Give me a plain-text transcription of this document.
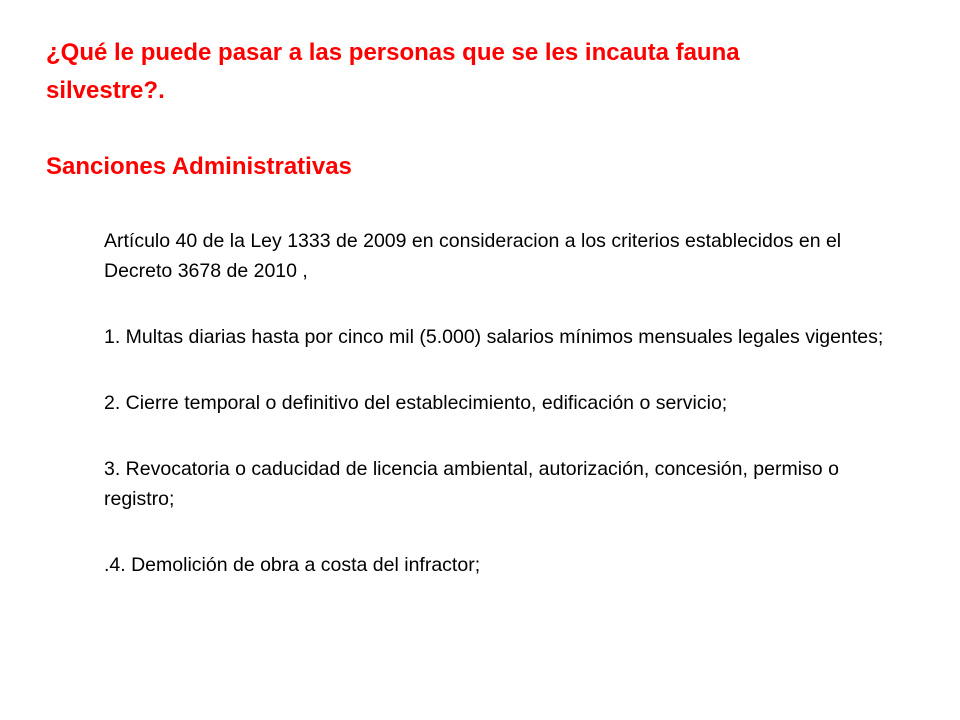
¿Qué le puede pasar a las personas que se les incauta fauna
silvestre?.
Sanciones Administrativas

Artículo 40 de la Ley 1333 de 2009 en consideracion a los criterios establecidos en el Decreto 3678 de 2010 ,

1. Multas diarias hasta por cinco mil (5.000) salarios mínimos mensuales legales vigentes;

2. Cierre temporal o definitivo del establecimiento, edificación o servicio;

3. Revocatoria o caducidad de licencia ambiental, autorización, concesión, permiso o registro;

.4. Demolición de obra a costa del infractor;
